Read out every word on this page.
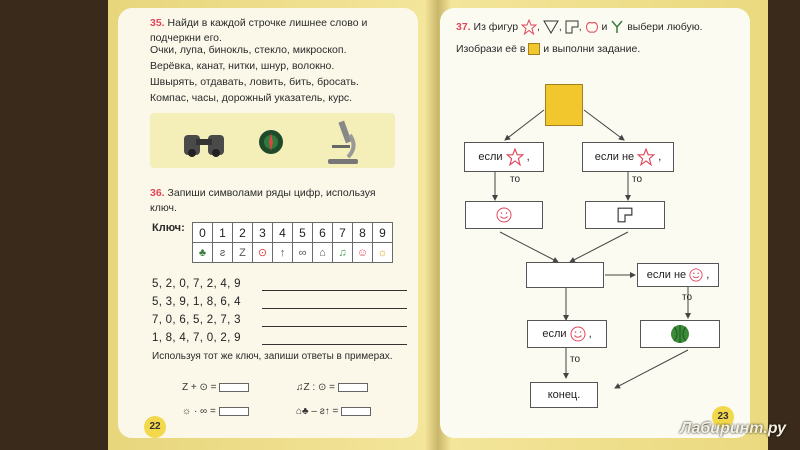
35. Найди в каждой строчке лишнее слово и подчеркни его.
Очки, лупа, бинокль, стекло, микроскоп.
Верёвка, канат, нитки, шнур, волокно.
Швырять, отдавать, ловить, бить, бросать.
Компас, часы, дорожный указатель, курс.
36. Запиши символами ряды цифр, используя ключ.
Ключ: 0	1	2	3	4	5	6	7	8	9
♣	ƨ	Z	⊙	↑	∞	⌂	♫	☺	☼
5, 2, 0, 7, 2, 4, 9
5, 3, 9, 1, 8, 6, 4
7, 0, 6, 5, 2, 7, 3
1, 8, 4, 7, 0, 2, 9
Используя тот же ключ, запиши ответы в примерах.
Z + ⊙ =	♫Z : ⊙ =
☼ · ∞ =	⌂♣ – ƨ↑ =
22
37. Из фигур , , ,  и выбери любую. Изобрази её в и выполни задание.
если ,	если не ,
то	то
если не ,
то
если ,
то
конец.
23
Лабиринт.ру
